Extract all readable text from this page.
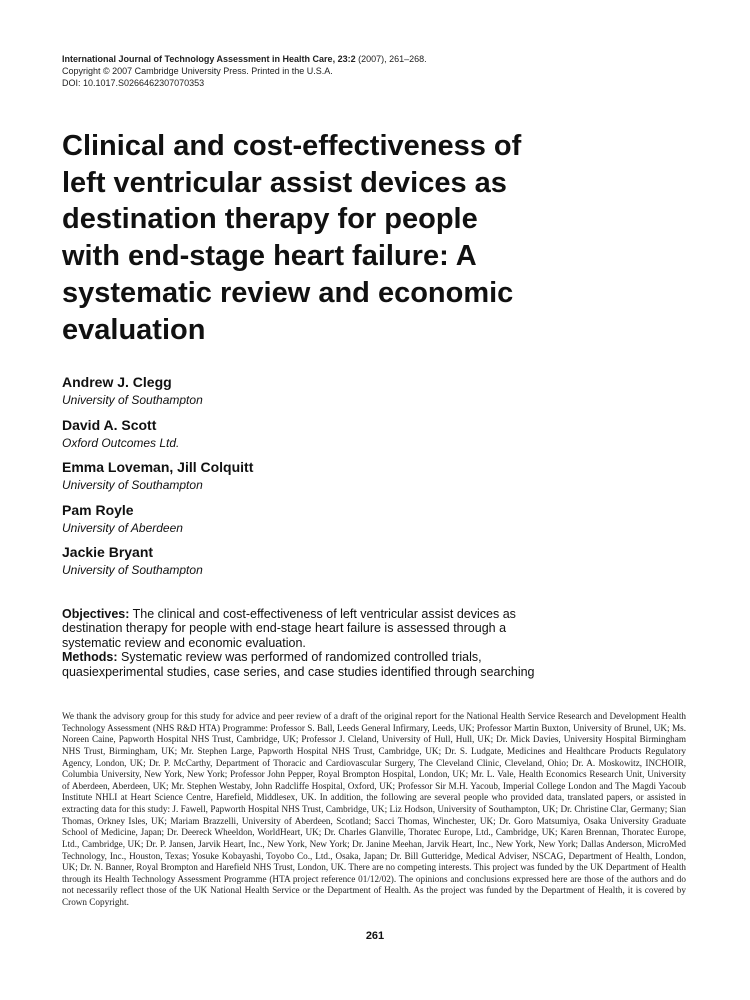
International Journal of Technology Assessment in Health Care, 23:2 (2007), 261–268.
Copyright © 2007 Cambridge University Press. Printed in the U.S.A.
DOI: 10.1017.S0266462307070353
Clinical and cost-effectiveness of
left ventricular assist devices as
destination therapy for people
with end-stage heart failure: A
systematic review and economic
evaluation
Andrew J. Clegg
University of Southampton
David A. Scott
Oxford Outcomes Ltd.
Emma Loveman, Jill Colquitt
University of Southampton
Pam Royle
University of Aberdeen
Jackie Bryant
University of Southampton

Objectives: The clinical and cost-effectiveness of left ventricular assist devices as destination therapy for people with end-stage heart failure is assessed through a systematic review and economic evaluation.

Methods: Systematic review was performed of randomized controlled trials, quasiexperimental studies, case series, and case studies identified through searching

We thank the advisory group for this study for advice and peer review of a draft of the original report for the National Health Service Research and Development Health Technology Assessment (NHS R&D HTA) Programme: Professor S. Ball, Leeds General Infirmary, Leeds, UK; Professor Martin Buxton, University of Brunel, UK; Ms. Noreen Caine, Papworth Hospital NHS Trust, Cambridge, UK; Professor J. Cleland, University of Hull, Hull, UK; Dr. Mick Davies, University Hospital Birmingham NHS Trust, Birmingham, UK; Mr. Stephen Large, Papworth Hospital NHS Trust, Cambridge, UK; Dr. S. Ludgate, Medicines and Healthcare Products Regulatory Agency, London, UK; Dr. P. McCarthy, Department of Thoracic and Cardiovascular Surgery, The Cleveland Clinic, Cleveland, Ohio; Dr. A. Moskowitz, INCHOIR, Columbia University, New York, New York; Professor John Pepper, Royal Brompton Hospital, London, UK; Mr. L. Vale, Health Economics Research Unit, University of Aberdeen, Aberdeen, UK; Mr. Stephen Westaby, John Radcliffe Hospital, Oxford, UK; Professor Sir M.H. Yacoub, Imperial College London and The Magdi Yacoub Institute NHLI at Heart Science Centre, Harefield, Middlesex, UK. In addition, the following are several people who provided data, translated papers, or assisted in extracting data for this study: J. Fawell, Papworth Hospital NHS Trust, Cambridge, UK; Liz Hodson, University of Southampton, UK; Dr. Christine Clar, Germany; Sian Thomas, Orkney Isles, UK; Mariam Brazzelli, University of Aberdeen, Scotland; Sacci Thomas, Winchester, UK; Dr. Goro Matsumiya, Osaka University Graduate School of Medicine, Japan; Dr. Deereck Wheeldon, WorldHeart, UK; Dr. Charles Glanville, Thoratec Europe, Ltd., Cambridge, UK; Karen Brennan, Thoratec Europe, Ltd., Cambridge, UK; Dr. P. Jansen, Jarvik Heart, Inc., New York, New York; Dr. Janine Meehan, Jarvik Heart, Inc., New York, New York; Dallas Anderson, MicroMed Technology, Inc., Houston, Texas; Yosuke Kobayashi, Toyobo Co., Ltd., Osaka, Japan; Dr. Bill Gutteridge, Medical Adviser, NSCAG, Department of Health, London, UK; Dr. N. Banner, Royal Brompton and Harefield NHS Trust, London, UK. There are no competing interests. This project was funded by the UK Department of Health through its Health Technology Assessment Programme (HTA project reference 01/12/02). The opinions and conclusions expressed here are those of the authors and do not necessarily reflect those of the UK National Health Service or the Department of Health. As the project was funded by the Department of Health, it is covered by Crown Copyright.

261
